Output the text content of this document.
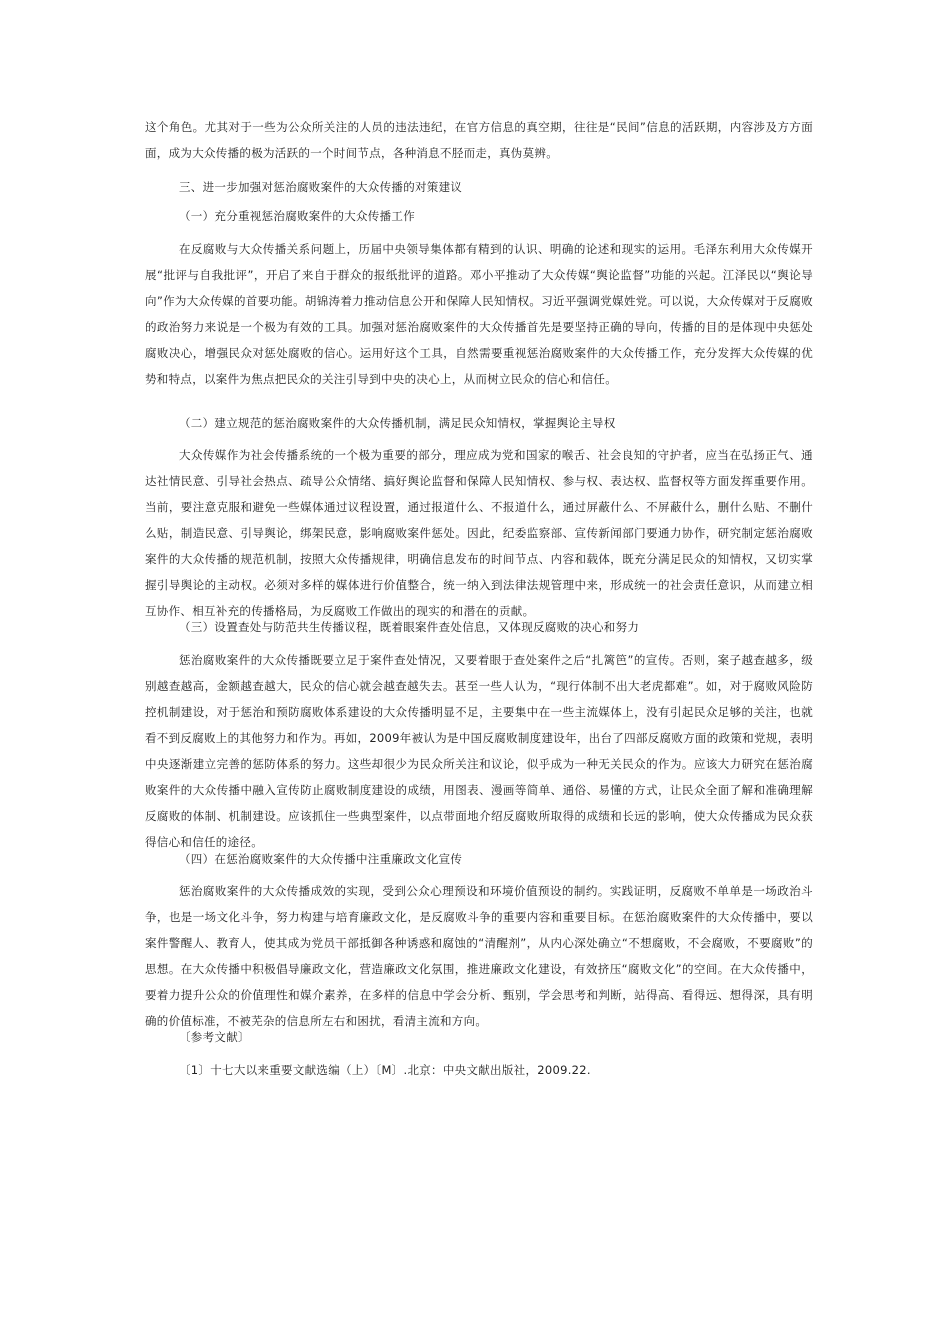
这个角色。尤其对于一些为公众所关注的人员的违法违纪，在官方信息的真空期，往往是“民间”信息的活跃期，内容涉及方方面面，成为大众传播的极为活跃的一个时间节点，各种消息不胫而走，真伪莫辨。

三、进一步加强对惩治腐败案件的大众传播的对策建议

（一）充分重视惩治腐败案件的大众传播工作

在反腐败与大众传播关系问题上，历届中央领导集体都有精到的认识、明确的论述和现实的运用。毛泽东利用大众传媒开展“批评与自我批评”，开启了来自于群众的报纸批评的道路。邓小平推动了大众传媒“舆论监督”功能的兴起。江泽民以“舆论导向”作为大众传媒的首要功能。胡锦涛着力推动信息公开和保障人民知情权。习近平强调党媒姓党。可以说，大众传媒对于反腐败的政治努力来说是一个极为有效的工具。加强对惩治腐败案件的大众传播首先是要坚持正确的导向，传播的目的是体现中央惩处腐败决心，增强民众对惩处腐败的信心。运用好这个工具，自然需要重视惩治腐败案件的大众传播工作，充分发挥大众传媒的优势和特点，以案件为焦点把民众的关注引导到中央的决心上，从而树立民众的信心和信任。

（二）建立规范的惩治腐败案件的大众传播机制，满足民众知情权，掌握舆论主导权

大众传媒作为社会传播系统的一个极为重要的部分，理应成为党和国家的喉舌、社会良知的守护者，应当在弘扬正气、通达社情民意、引导社会热点、疏导公众情绪、搞好舆论监督和保障人民知情权、参与权、表达权、监督权等方面发挥重要作用。当前，要注意克服和避免一些媒体通过议程设置，通过报道什么、不报道什么，通过屏蔽什么、不屏蔽什么，删什么贴、不删什么贴，制造民意、引导舆论，绑架民意，影响腐败案件惩处。因此，纪委监察部、宣传新闻部门要通力协作，研究制定惩治腐败案件的大众传播的规范机制，按照大众传播规律，明确信息发布的时间节点、内容和载体，既充分满足民众的知情权，又切实掌握引导舆论的主动权。必须对多样的媒体进行价值整合，统一纳入到法律法规管理中来，形成统一的社会责任意识，从而建立相互协作、相互补充的传播格局，为反腐败工作做出的现实的和潜在的贡献。

（三）设置查处与防范共生传播议程，既着眼案件查处信息，又体现反腐败的决心和努力

惩治腐败案件的大众传播既要立足于案件查处情况，又要着眼于查处案件之后“扎篱笆”的宣传。否则，案子越查越多，级别越查越高，金额越查越大，民众的信心就会越查越失去。甚至一些人认为，“现行体制不出大老虎都难”。如，对于腐败风险防控机制建设，对于惩治和预防腐败体系建设的大众传播明显不足，主要集中在一些主流媒体上，没有引起民众足够的关注，也就看不到反腐败上的其他努力和作为。再如，2009年被认为是中国反腐败制度建设年，出台了四部反腐败方面的政策和党规，表明中央逐渐建立完善的惩防体系的努力。这些却很少为民众所关注和议论，似乎成为一种无关民众的作为。应该大力研究在惩治腐败案件的大众传播中融入宣传防止腐败制度建设的成绩，用图表、漫画等简单、通俗、易懂的方式，让民众全面了解和准确理解反腐败的体制、机制建设。应该抓住一些典型案件，以点带面地介绍反腐败所取得的成绩和长远的影响，使大众传播成为民众获得信心和信任的途径。

（四）在惩治腐败案件的大众传播中注重廉政文化宣传

惩治腐败案件的大众传播成效的实现，受到公众心理预设和环境价值预设的制约。实践证明，反腐败不单单是一场政治斗争，也是一场文化斗争，努力构建与培育廉政文化，是反腐败斗争的重要内容和重要目标。在惩治腐败案件的大众传播中，要以案件警醒人、教育人，使其成为党员干部抵御各种诱惑和腐蚀的“清醒剂”，从内心深处确立“不想腐败，不会腐败，不要腐败”的思想。在大众传播中积极倡导廉政文化，营造廉政文化氛围，推进廉政文化建设，有效挤压“腐败文化”的空间。在大众传播中，要着力提升公众的价值理性和媒介素养，在多样的信息中学会分析、甄别，学会思考和判断，站得高、看得远、想得深，具有明确的价值标准，不被芜杂的信息所左右和困扰，看清主流和方向。

〔参考文献〕

〔1〕十七大以来重要文献选编（上）〔M〕.北京：中央文献出版社，2009.22.
